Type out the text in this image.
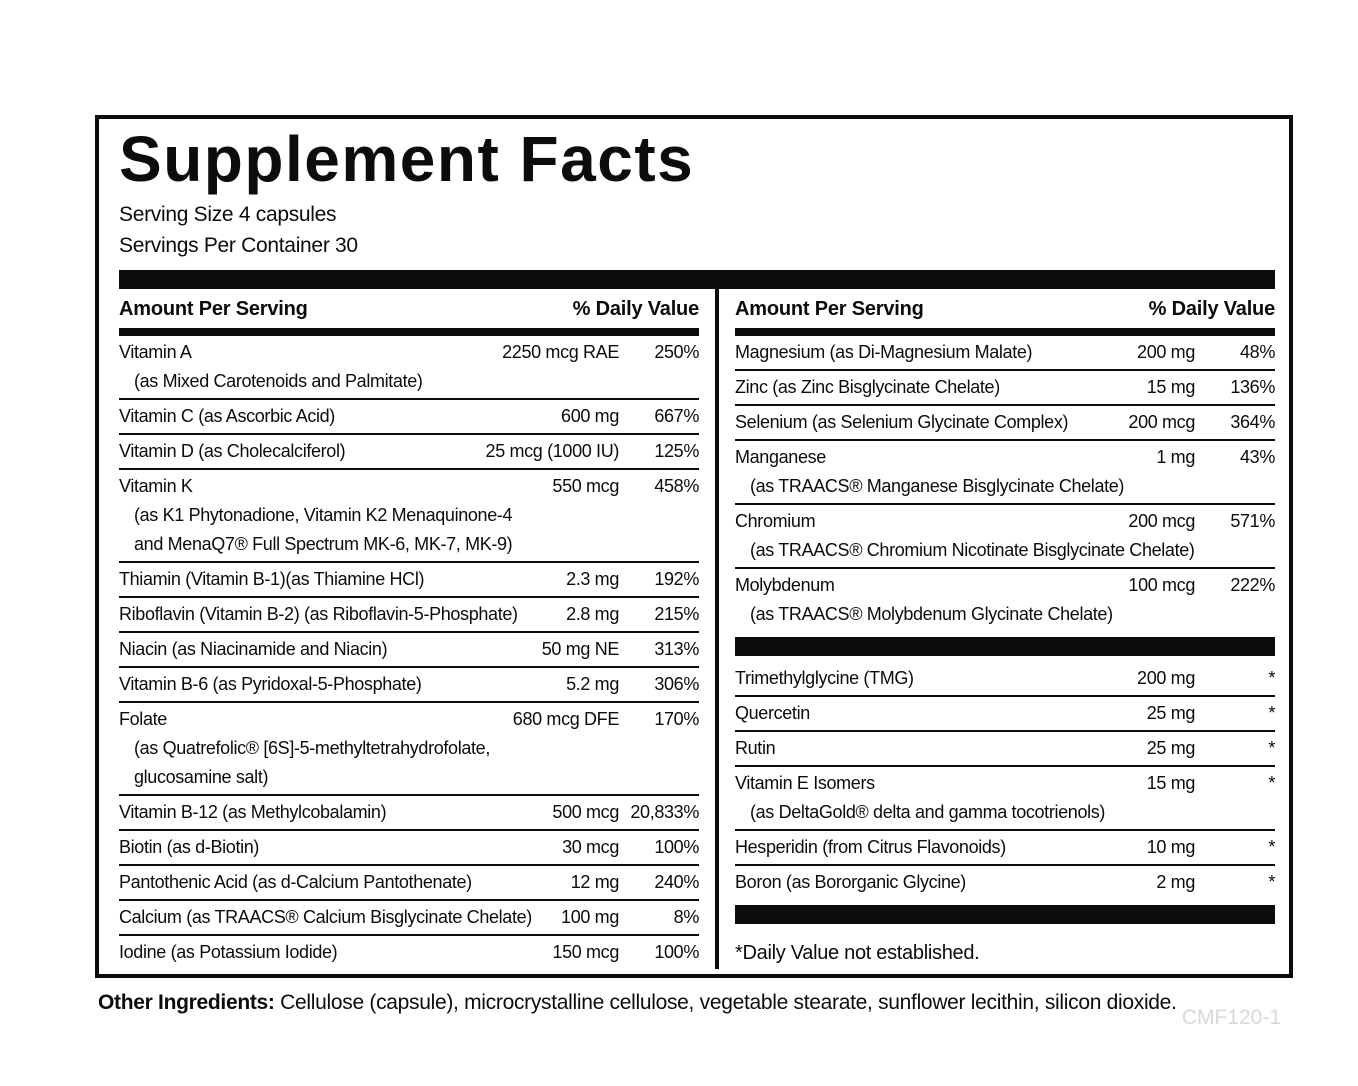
Supplement Facts
Serving Size 4 capsules
Servings Per Container 30
Amount Per Serving	% Daily Value
Vitamin A	2250 mcg RAE	250%
(as Mixed Carotenoids and Palmitate)
Vitamin C (as Ascorbic Acid)	600 mg	667%
Vitamin D (as Cholecalciferol)	25 mcg (1000 IU)	125%
Vitamin K	550 mcg	458%
(as K1 Phytonadione, Vitamin K2 Menaquinone-4
and MenaQ7® Full Spectrum MK-6, MK-7, MK-9)
Thiamin (Vitamin B-1)(as Thiamine HCl)	2.3 mg	192%
Riboflavin (Vitamin B-2) (as Riboflavin-5-Phosphate)	2.8 mg	215%
Niacin (as Niacinamide and Niacin)	50 mg NE	313%
Vitamin B-6 (as Pyridoxal-5-Phosphate)	5.2 mg	306%
Folate	680 mcg DFE	170%
(as Quatrefolic® [6S]-5-methyltetrahydrofolate,
glucosamine salt)
Vitamin B-12 (as Methylcobalamin)	500 mcg 20,833%
Biotin (as d-Biotin)	30 mcg	100%
Pantothenic Acid (as d-Calcium Pantothenate)	12 mg	240%
Calcium (as TRAACS® Calcium Bisglycinate Chelate)	100 mg	8%
Iodine (as Potassium Iodide)	150 mcg	100%
Amount Per Serving	% Daily Value
Magnesium (as Di-Magnesium Malate)	200 mg	48%
Zinc (as Zinc Bisglycinate Chelate)	15 mg	136%
Selenium (as Selenium Glycinate Complex)	200 mcg	364%
Manganese	1 mg	43%
(as TRAACS® Manganese Bisglycinate Chelate)
Chromium	200 mcg	571%
(as TRAACS® Chromium Nicotinate Bisglycinate Chelate)
Molybdenum	100 mcg	222%
(as TRAACS® Molybdenum Glycinate Chelate)
Trimethylglycine (TMG)	200 mg	*
Quercetin	25 mg	*
Rutin	25 mg	*
Vitamin E Isomers	15 mg	*
(as DeltaGold® delta and gamma tocotrienols)
Hesperidin (from Citrus Flavonoids)	10 mg	*
Boron (as Bororganic Glycine)	2 mg	*
*Daily Value not established.
Other Ingredients: Cellulose (capsule), microcrystalline cellulose, vegetable stearate, sunflower lecithin, silicon dioxide.
CMF120-1
